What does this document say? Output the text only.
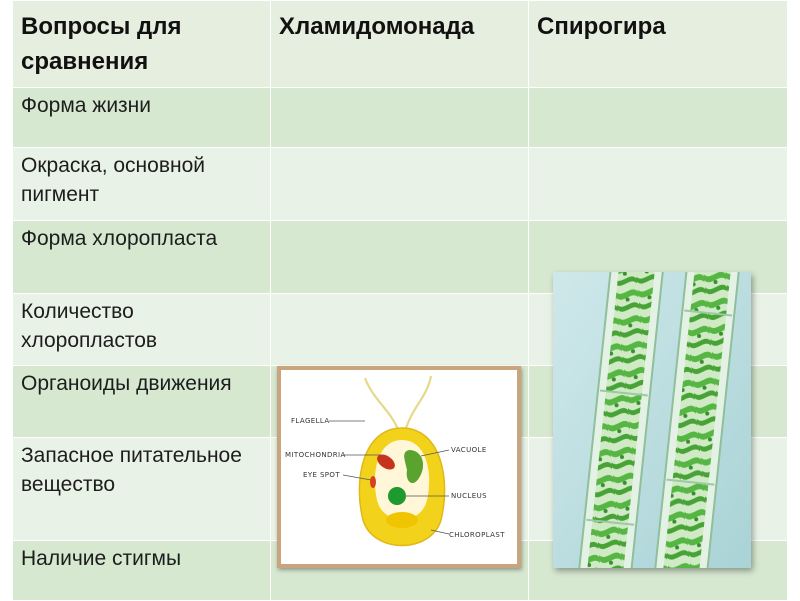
Вопросы для сравнения	Хламидомонада	Спирогира
Форма жизни		
Окраска, основной пигмент		
Форма хлоропласта		
Количество хлоропластов		
Органоиды движения		
Запасное питательное вещество		
Наличие стигмы		
FLAGELLA
MITOCHONDRIA
EYE SPOT
VACUOLE
NUCLEUS
CHLOROPLAST
